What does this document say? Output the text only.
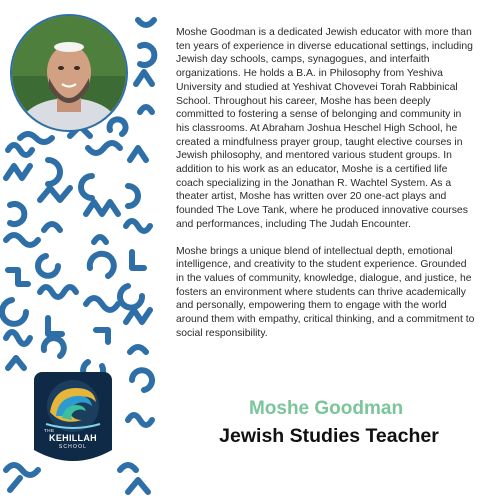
THE
KEHILLAH
SCHOOL

Moshe Goodman is a dedicated Jewish educator with more than ten years of experience in diverse educational settings, including Jewish day schools, camps, synagogues, and interfaith organizations. He holds a B.A. in Philosophy from Yeshiva University and studied at Yeshivat Chovevei Torah Rabbinical School. Throughout his career, Moshe has been deeply committed to fostering a sense of belonging and community in his classrooms. At Abraham Joshua Heschel High School, he created a mindfulness prayer group, taught elective courses in Jewish philosophy, and mentored various student groups. In addition to his work as an educator, Moshe is a certified life coach specializing in the Jonathan R. Wachtel System. As a theater artist, Moshe has written over 20 one-act plays and founded The Love Tank, where he produced innovative courses and performances, including The Judah Encounter.

Moshe brings a unique blend of intellectual depth, emotional intelligence, and creativity to the student experience. Grounded in the values of community, knowledge, dialogue, and justice, he fosters an environment where students can thrive academically and personally, empowering them to engage with the world around them with empathy, critical thinking, and a commitment to social responsibility.

Moshe Goodman
Jewish Studies Teacher
